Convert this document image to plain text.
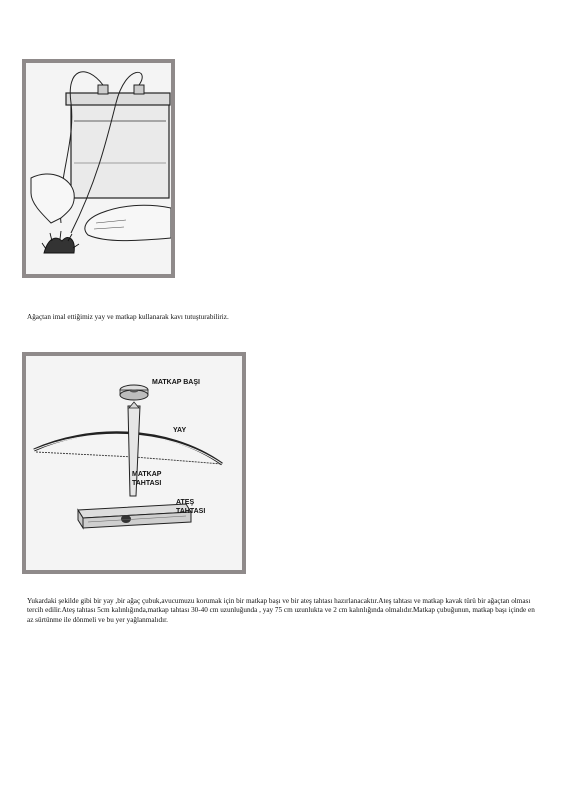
Ağaçtan imal ettiğimiz yay ve matkap kullanarak kavı tutuşturabiliriz.

MATKAP BAŞI
YAY
MATKAP
TAHTASI
ATEŞ
TAHTASI

Yukardaki şekilde gibi bir yay ,bir ağaç çubuk,avucumuzu korumak için bir matkap başı ve bir ateş tahtası hazırlanacaktır.Ateş tahtası ve matkap kavak türü bir ağaçtan olması tercih edilir.Ateş tahtası 5cm kalınlığında,matkap tahtası 30-40 cm uzunluğunda , yay 75 cm uzunlukta ve 2 cm kalınlığında olmalıdır.Matkap çubuğunun, matkap başı içinde en az sürtünme ile dönmeli ve bu yer yağlanmalıdır.
